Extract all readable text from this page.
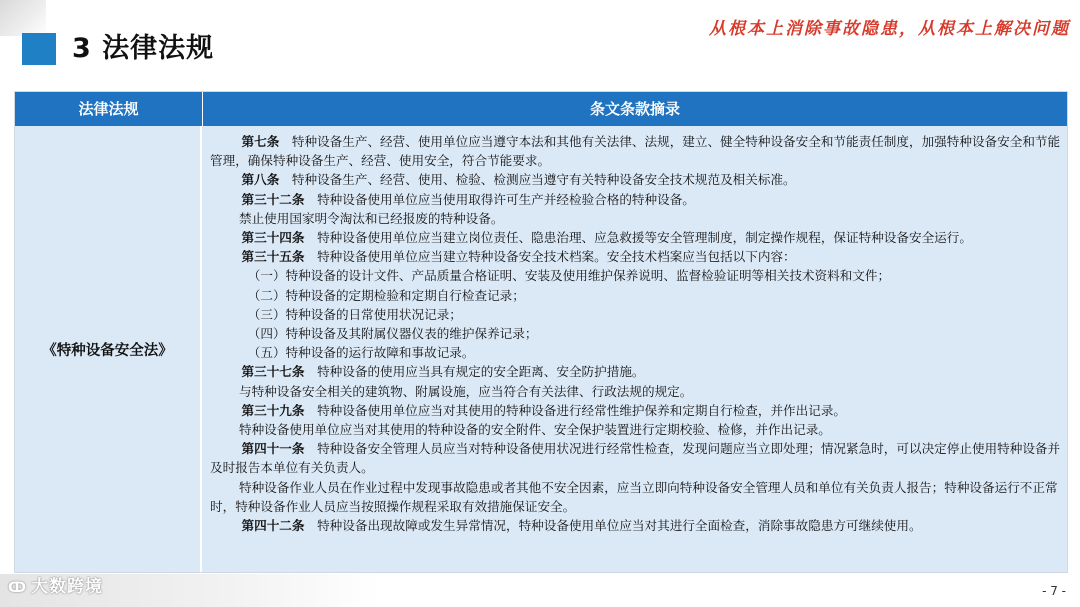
3 法律法规
从根本上消除事故隐患，从根本上解决问题
法律法规	条文条款摘录
《特种设备安全法》

第七条 特种设备生产、经营、使用单位应当遵守本法和其他有关法律、法规，建立、健全特种设备安全和节能责任制度，加强特种设备安全和节能管理，确保特种设备生产、经营、使用安全，符合节能要求。

第八条 特种设备生产、经营、使用、检验、检测应当遵守有关特种设备安全技术规范及相关标准。

第三十二条 特种设备使用单位应当使用取得许可生产并经检验合格的特种设备。

禁止使用国家明令淘汰和已经报废的特种设备。

第三十四条 特种设备使用单位应当建立岗位责任、隐患治理、应急救援等安全管理制度，制定操作规程，保证特种设备安全运行。

第三十五条 特种设备使用单位应当建立特种设备安全技术档案。安全技术档案应当包括以下内容：

（一）特种设备的设计文件、产品质量合格证明、安装及使用维护保养说明、监督检验证明等相关技术资料和文件；

（二）特种设备的定期检验和定期自行检查记录；

（三）特种设备的日常使用状况记录；

（四）特种设备及其附属仪器仪表的维护保养记录；

（五）特种设备的运行故障和事故记录。

第三十七条 特种设备的使用应当具有规定的安全距离、安全防护措施。

与特种设备安全相关的建筑物、附属设施，应当符合有关法律、行政法规的规定。

第三十九条 特种设备使用单位应当对其使用的特种设备进行经常性维护保养和定期自行检查，并作出记录。

特种设备使用单位应当对其使用的特种设备的安全附件、安全保护装置进行定期校验、检修，并作出记录。

第四十一条 特种设备安全管理人员应当对特种设备使用状况进行经常性检查，发现问题应当立即处理；情况紧急时，可以决定停止使用特种设备并及时报告本单位有关负责人。

特种设备作业人员在作业过程中发现事故隐患或者其他不安全因素，应当立即向特种设备安全管理人员和单位有关负责人报告；特种设备运行不正常时，特种设备作业人员应当按照操作规程采取有效措施保证安全。

第四十二条 特种设备出现故障或发生异常情况，特种设备使用单位应当对其进行全面检查，消除事故隐患方可继续使用。

ↀ 大数跨境	- 7 -
